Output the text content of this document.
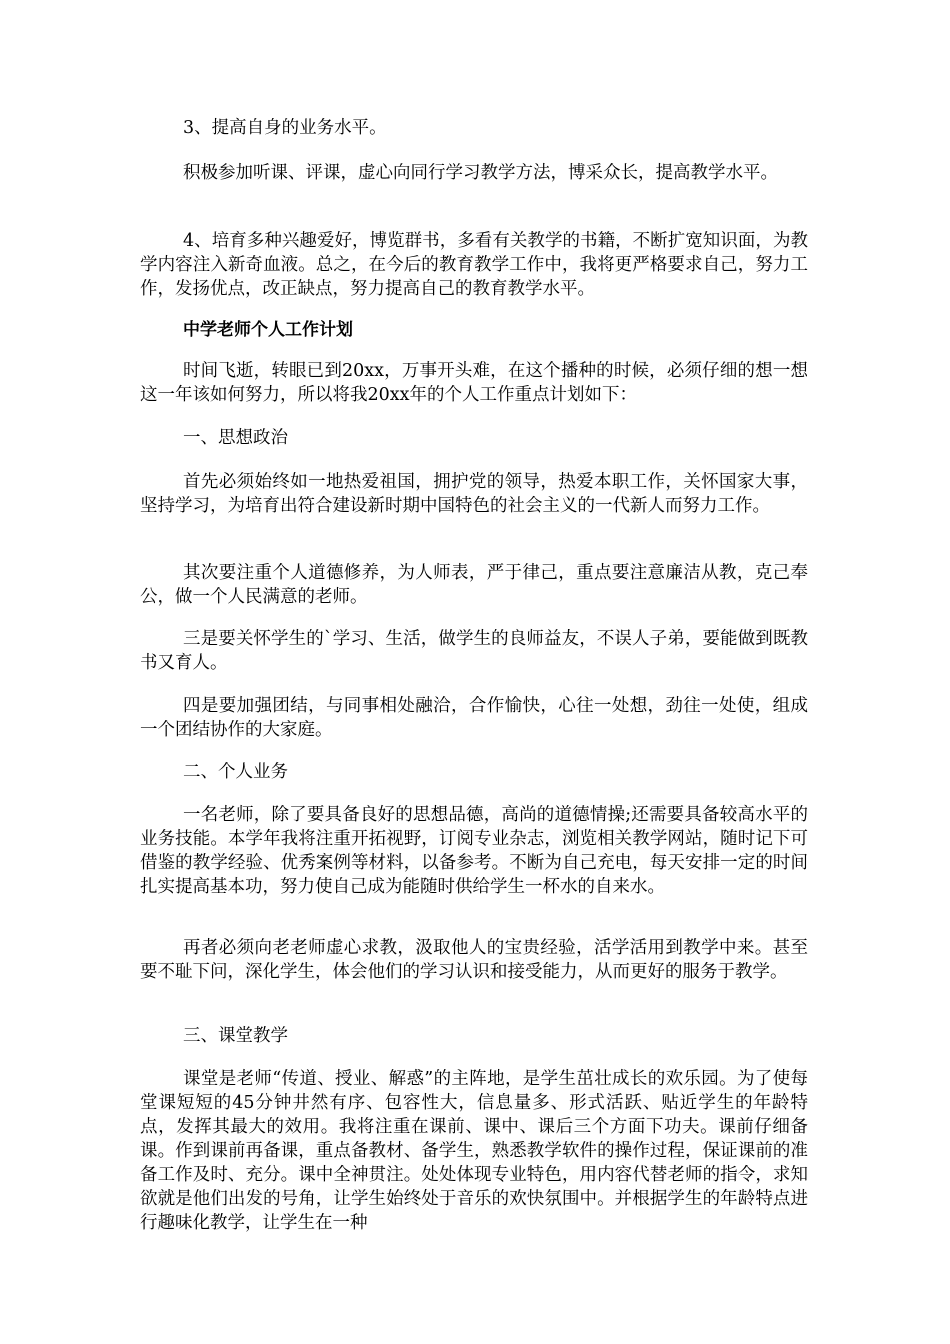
3、提高自身的业务水平。

积极参加听课、评课，虚心向同行学习教学方法，博采众长，提高教学水平。

4、培育多种兴趣爱好，博览群书，多看有关教学的书籍，不断扩宽知识面，为教学内容注入新奇血液。总之，在今后的教育教学工作中，我将更严格要求自己，努力工作，发扬优点，改正缺点，努力提高自己的教育教学水平。

中学老师个人工作计划

时间飞逝，转眼已到20xx，万事开头难，在这个播种的时候，必须仔细的想一想这一年该如何努力，所以将我20xx年的个人工作重点计划如下：

一、思想政治

首先必须始终如一地热爱祖国，拥护党的领导，热爱本职工作，关怀国家大事，坚持学习，为培育出符合建设新时期中国特色的社会主义的一代新人而努力工作。

其次要注重个人道德修养，为人师表，严于律己，重点要注意廉洁从教，克己奉公，做一个人民满意的老师。

三是要关怀学生的`学习、生活，做学生的良师益友，不误人子弟，要能做到既教书又育人。

四是要加强团结，与同事相处融洽，合作愉快，心往一处想，劲往一处使，组成一个团结协作的大家庭。

二、个人业务

一名老师，除了要具备良好的思想品德，高尚的道德情操;还需要具备较高水平的业务技能。本学年我将注重开拓视野，订阅专业杂志，浏览相关教学网站，随时记下可借鉴的教学经验、优秀案例等材料，以备参考。不断为自己充电，每天安排一定的时间扎实提高基本功，努力使自己成为能随时供给学生一杯水的自来水。

再者必须向老老师虚心求教，汲取他人的宝贵经验，活学活用到教学中来。甚至要不耻下问，深化学生，体会他们的学习认识和接受能力，从而更好的服务于教学。

三、课堂教学

课堂是老师“传道、授业、解惑”的主阵地，是学生茁壮成长的欢乐园。为了使每堂课短短的45分钟井然有序、包容性大，信息量多、形式活跃、贴近学生的年龄特点，发挥其最大的效用。我将注重在课前、课中、课后三个方面下功夫。课前仔细备课。作到课前再备课，重点备教材、备学生，熟悉教学软件的操作过程，保证课前的准备工作及时、充分。课中全神贯注。处处体现专业特色，用内容代替老师的指令，求知欲就是他们出发的号角，让学生始终处于音乐的欢快氛围中。并根据学生的年龄特点进行趣味化教学，让学生在一种
